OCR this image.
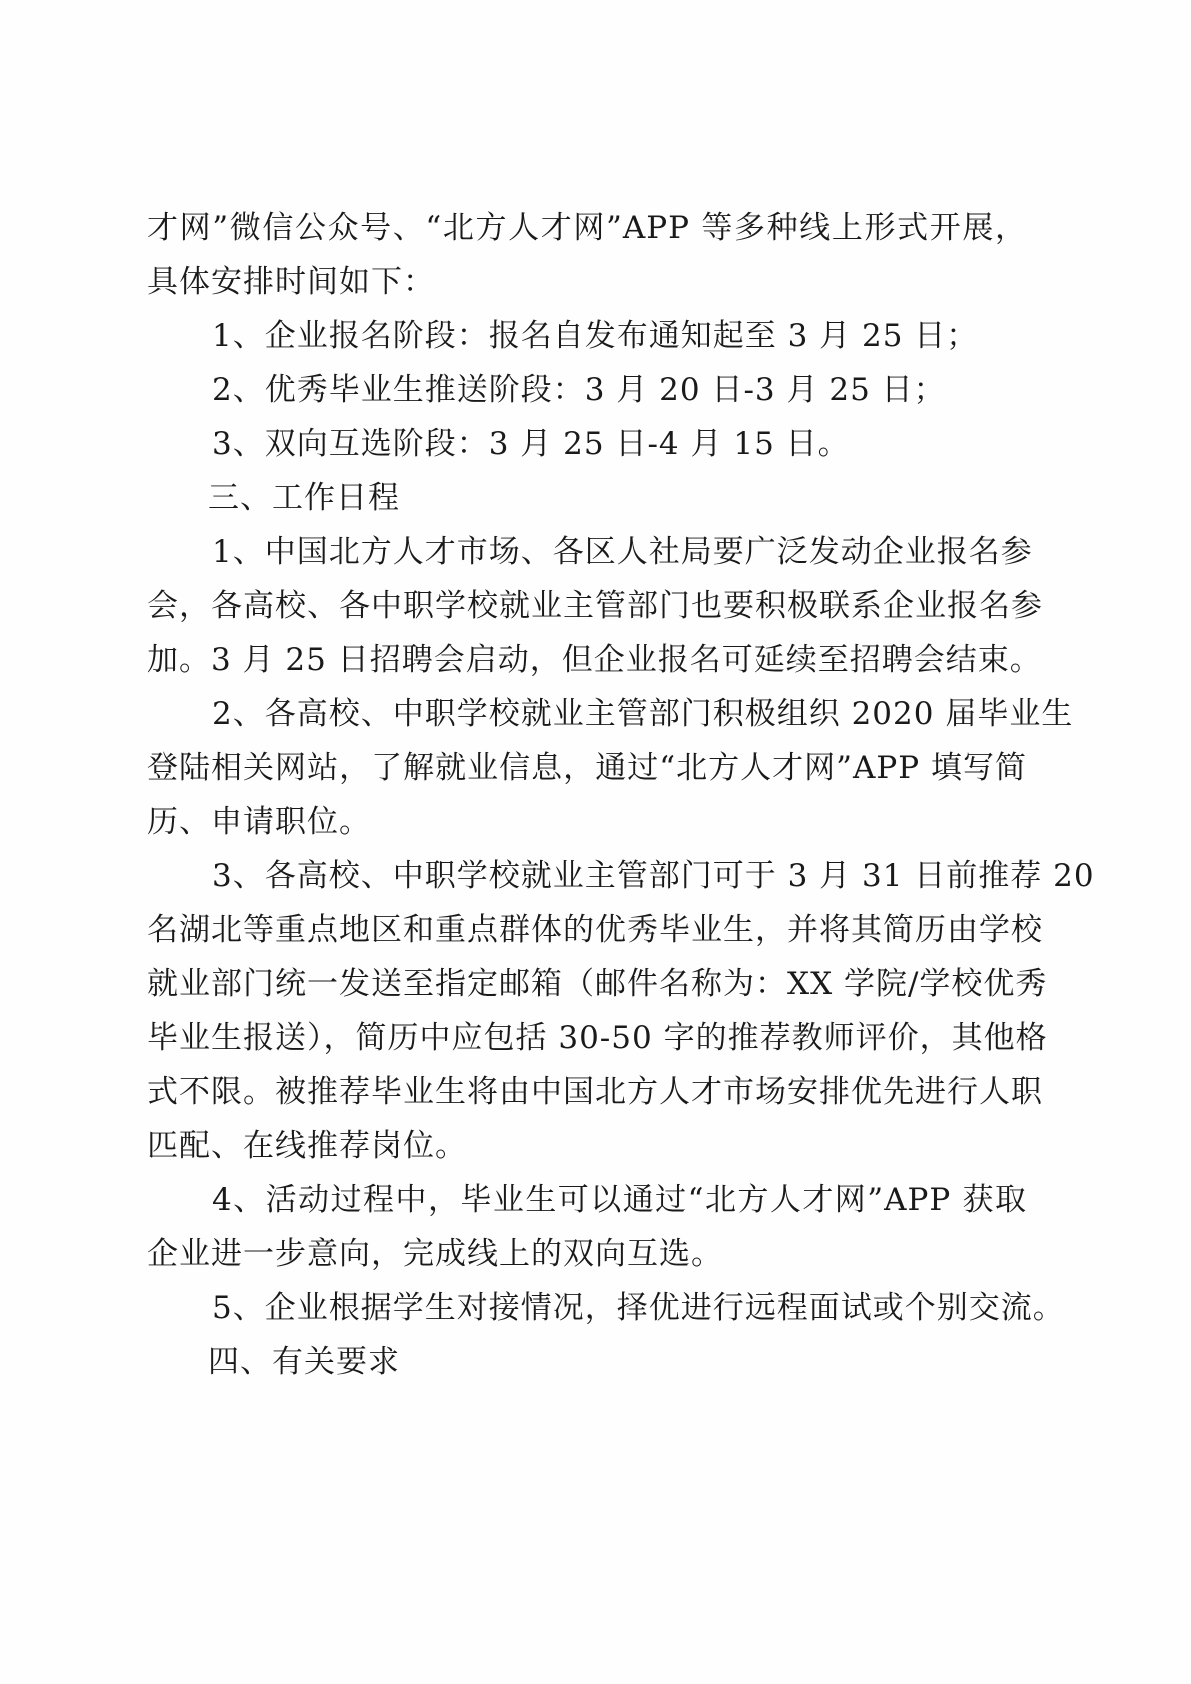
才网”微信公众号、“北方人才网”APP 等多种线上形式开展，
具体安排时间如下：
1、企业报名阶段：报名自发布通知起至 3 月 25 日；
2、优秀毕业生推送阶段：3 月 20 日-3 月 25 日；
3、双向互选阶段：3 月 25 日-4 月 15 日。
三、工作日程
1、中国北方人才市场、各区人社局要广泛发动企业报名参
会，各高校、各中职学校就业主管部门也要积极联系企业报名参
加。3 月 25 日招聘会启动，但企业报名可延续至招聘会结束。
2、各高校、中职学校就业主管部门积极组织 2020 届毕业生
登陆相关网站，了解就业信息，通过“北方人才网”APP 填写简
历、申请职位。
3、各高校、中职学校就业主管部门可于 3 月 31 日前推荐 20
名湖北等重点地区和重点群体的优秀毕业生，并将其简历由学校
就业部门统一发送至指定邮箱（邮件名称为：XX 学院/学校优秀
毕业生报送），简历中应包括 30-50 字的推荐教师评价，其他格
式不限。被推荐毕业生将由中国北方人才市场安排优先进行人职
匹配、在线推荐岗位。
4、活动过程中，毕业生可以通过“北方人才网”APP 获取
企业进一步意向，完成线上的双向互选。
5、企业根据学生对接情况，择优进行远程面试或个别交流。
四、有关要求
